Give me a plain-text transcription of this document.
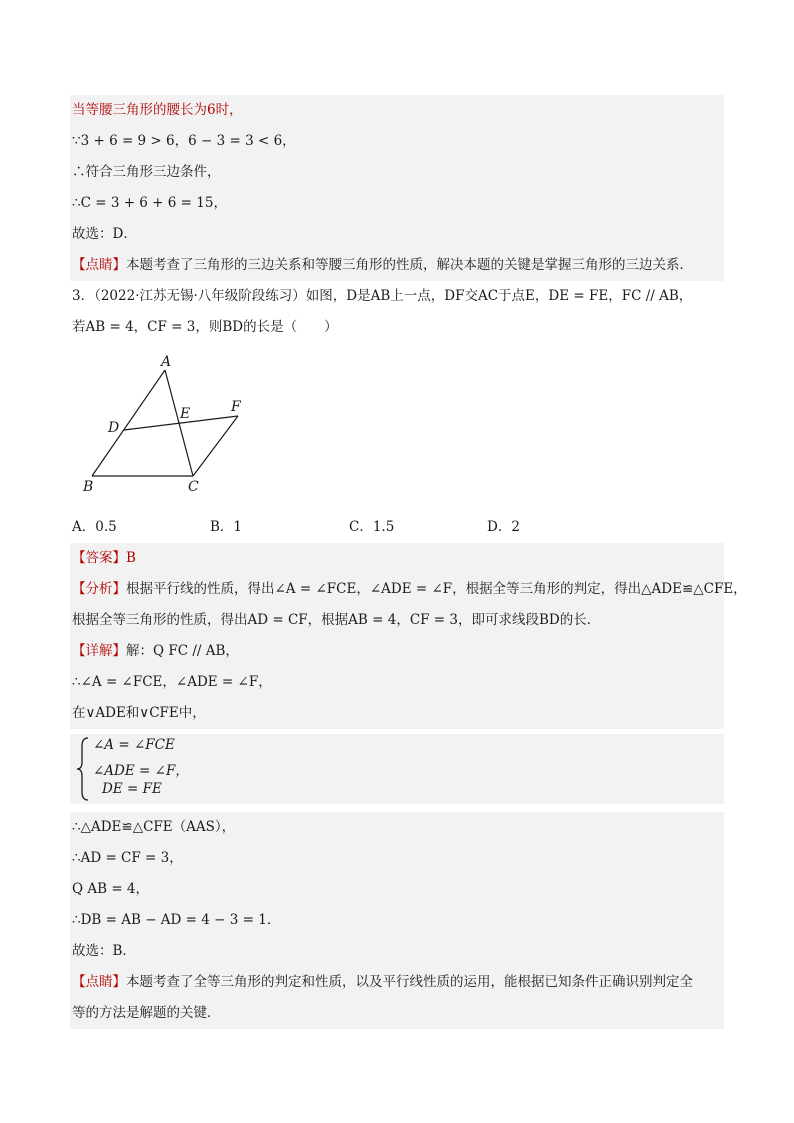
当等腰三角形的腰长为6时，
∵3 + 6 = 9 > 6，6 − 3 = 3 < 6，
∴符合三角形三边条件，
∴C = 3 + 6 + 6 = 15，
故选：D．
【点睛】本题考查了三角形的三边关系和等腰三角形的性质，解决本题的关键是掌握三角形的三边关系．
3．（2022·江苏无锡·八年级阶段练习）如图，D是AB上一点，DF交AC于点E，DE = FE，FC // AB，
若AB = 4，CF = 3，则BD的长是（　　）
A
B	C
D
E	F
A．0.5	B．1	C．1.5	D．2
【答案】B
【分析】根据平行线的性质，得出∠A = ∠FCE，∠ADE = ∠F，根据全等三角形的判定，得出△ADE≌△CFE，
根据全等三角形的性质，得出AD = CF，根据AB = 4，CF = 3，即可求线段BD的长．
【详解】解：Q FC // AB，
∴∠A = ∠FCE，∠ADE = ∠F，
在∨ADE和∨CFE中，
∠A = ∠FCE
∠ADE = ∠F，
DE = FE
∴△ADE≌△CFE（AAS），
∴AD = CF = 3，
Q AB = 4，
∴DB = AB − AD = 4 − 3 = 1．
故选：B．
【点睛】本题考查了全等三角形的判定和性质，以及平行线性质的运用，能根据已知条件正确识别判定全
等的方法是解题的关键．
